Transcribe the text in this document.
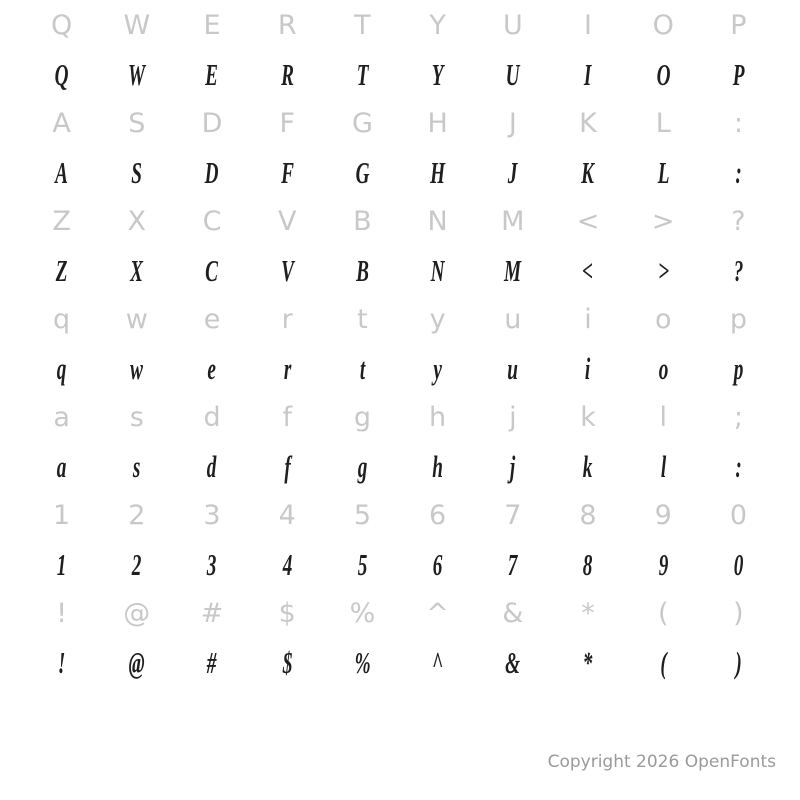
Q	W	E	R	T	Y	U	I	O	P
Q	W	E	R	T	Y	U	I	O	P
A	S	D	F	G	H	J	K	L	:
A	S	D	F	G	H	J	K	L	:
Z	X	C	V	B	N	M	<	>	?
Z	X	C	V	B	N	M	<	>	?
q	w	e	r	t	y	u	i	o	p
q	w	e	r	t	y	u	i	o	p
a	s	d	f	g	h	j	k	l	;
a	s	d	f	g	h	j	k	l	:
1	2	3	4	5	6	7	8	9	0
1	2	3	4	5	6	7	8	9	0
!	@	#	$	%	^	&	*	(	)
!	@	#	$	%	^	&	*	(	)
Copyright 2026 OpenFonts
